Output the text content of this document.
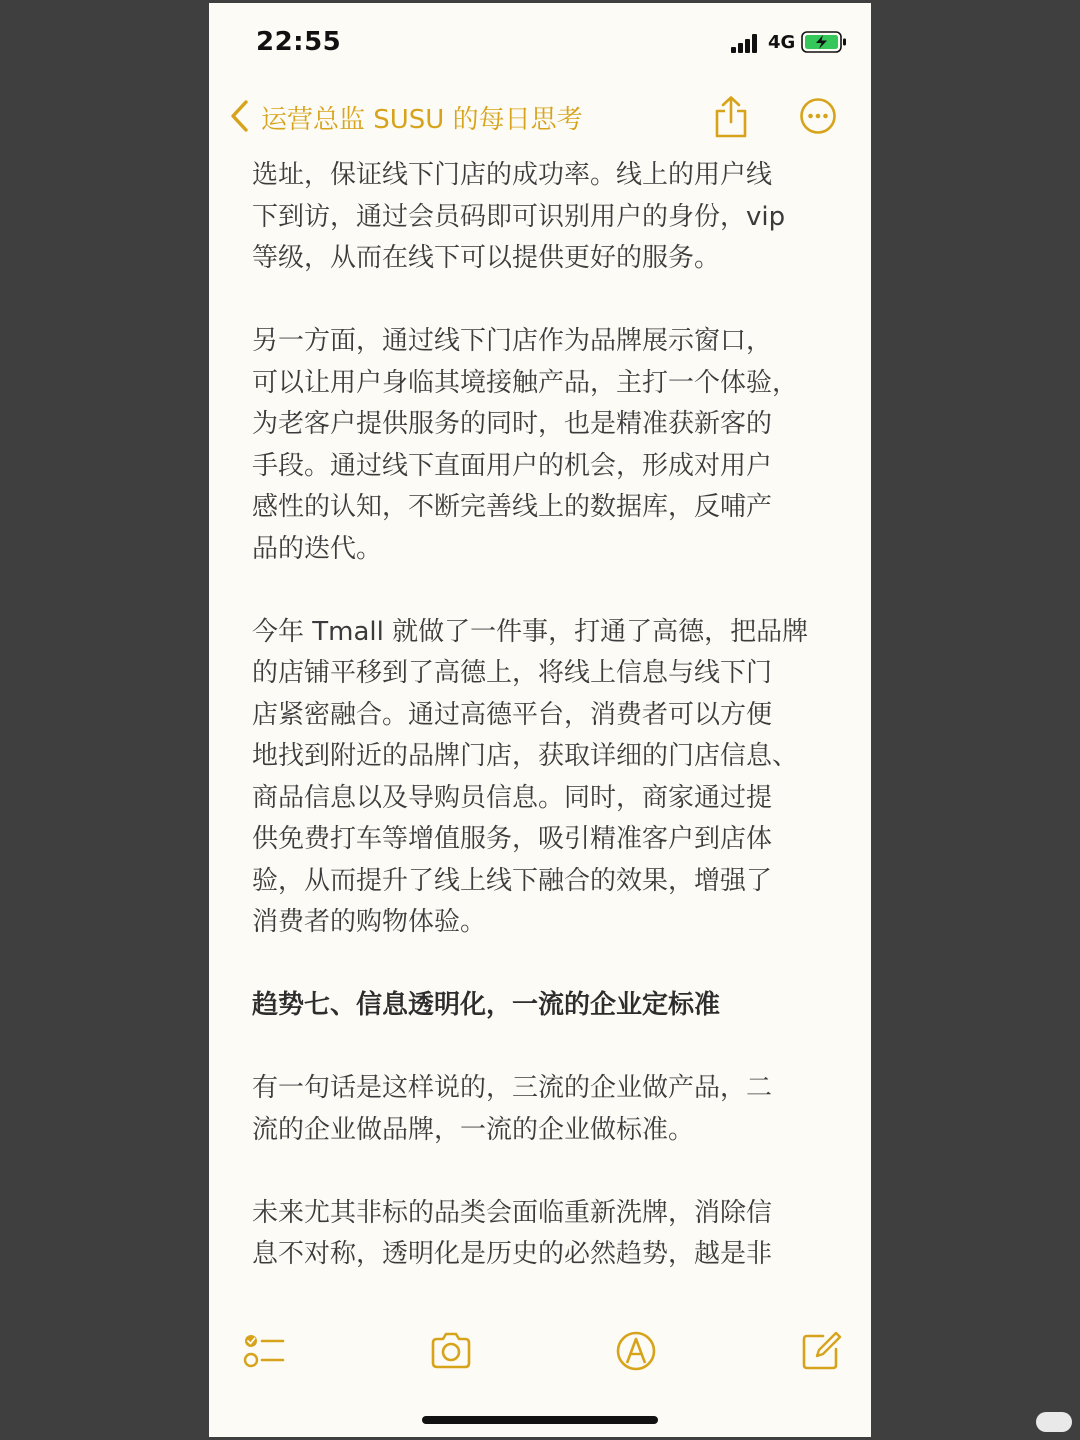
22:55	4G
运营总监 SUSU 的每日思考

选址，保证线下门店的成功率。线上的用户线
下到访，通过会员码即可识别用户的身份，vip
等级，从而在线下可以提供更好的服务。

另一方面，通过线下门店作为品牌展示窗口，
可以让用户身临其境接触产品，主打一个体验，
为老客户提供服务的同时，也是精准获新客的
手段。通过线下直面用户的机会，形成对用户
感性的认知，不断完善线上的数据库，反哺产
品的迭代。

今年 Tmall 就做了一件事，打通了高德，把品牌
的店铺平移到了高德上，将线上信息与线下门
店紧密融合。通过高德平台，消费者可以方便
地找到附近的品牌门店，获取详细的门店信息、
商品信息以及导购员信息。同时，商家通过提
供免费打车等增值服务，吸引精准客户到店体
验，从而提升了线上线下融合的效果，增强了
消费者的购物体验。

趋势七、信息透明化，一流的企业定标准

有一句话是这样说的，三流的企业做产品，二
流的企业做品牌，一流的企业做标准。

未来尤其非标的品类会面临重新洗牌，消除信
息不对称，透明化是历史的必然趋势，越是非
